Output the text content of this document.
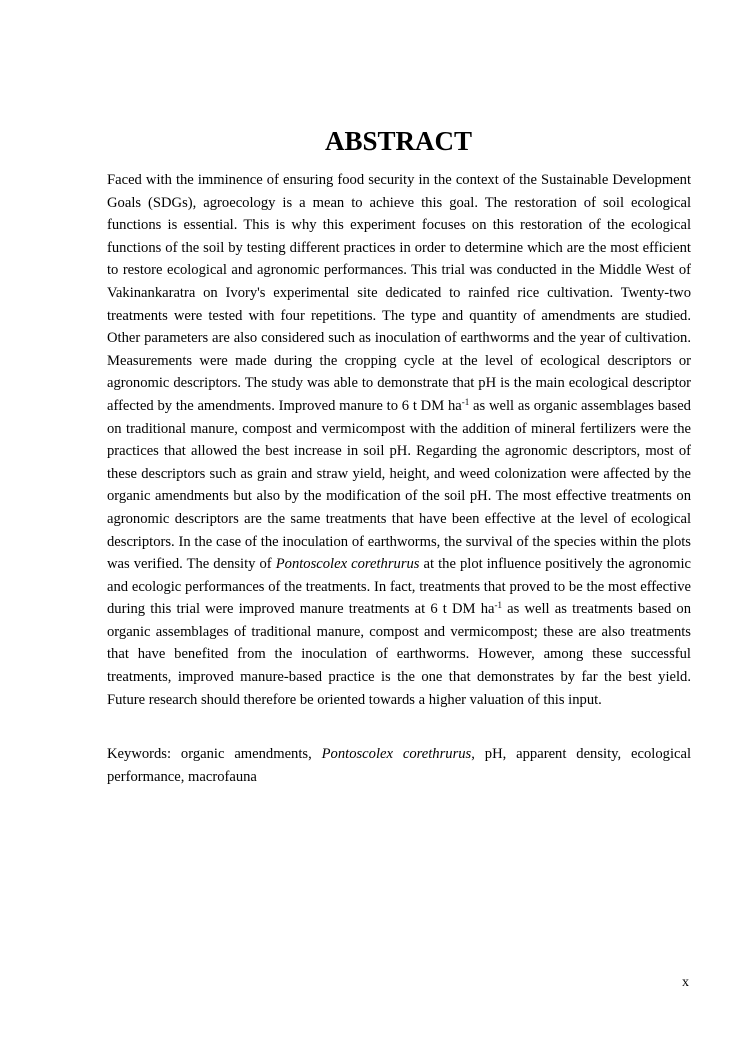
ABSTRACT

Faced with the imminence of ensuring food security in the context of the Sustainable Development Goals (SDGs), agroecology is a mean to achieve this goal. The restoration of soil ecological functions is essential. This is why this experiment focuses on this restoration of the ecological functions of the soil by testing different practices in order to determine which are the most efficient to restore ecological and agronomic performances. This trial was conducted in the Middle West of Vakinankaratra on Ivory's experimental site dedicated to rainfed rice cultivation. Twenty-two treatments were tested with four repetitions. The type and quantity of amendments are studied. Other parameters are also considered such as inoculation of earthworms and the year of cultivation. Measurements were made during the cropping cycle at the level of ecological descriptors or agronomic descriptors. The study was able to demonstrate that pH is the main ecological descriptor affected by the amendments. Improved manure to 6 t DM $ha^{-1}$ as well as organic assemblages based on traditional manure, compost and vermicompost with the addition of mineral fertilizers were the practices that allowed the best increase in soil pH. Regarding the agronomic descriptors, most of these descriptors such as grain and straw yield, height, and weed colonization were affected by the organic amendments but also by the modification of the soil pH. The most effective treatments on agronomic descriptors are the same treatments that have been effective at the level of ecological descriptors. In the case of the inoculation of earthworms, the survival of the species within the plots was verified. The density of Pontoscolex corethrurus at the plot influence positively the agronomic and ecologic performances of the treatments. In fact, treatments that proved to be the most effective during this trial were improved manure treatments at 6 t DM $ha^{-1}$ as well as treatments based on organic assemblages of traditional manure, compost and vermicompost; these are also treatments that have benefited from the inoculation of earthworms. However, among these successful treatments, improved manure-based practice is the one that demonstrates by far the best yield. Future research should therefore be oriented towards a higher valuation of this input.

Keywords: organic amendments, Pontoscolex corethrurus, pH, apparent density, ecological performance, macrofauna

x
